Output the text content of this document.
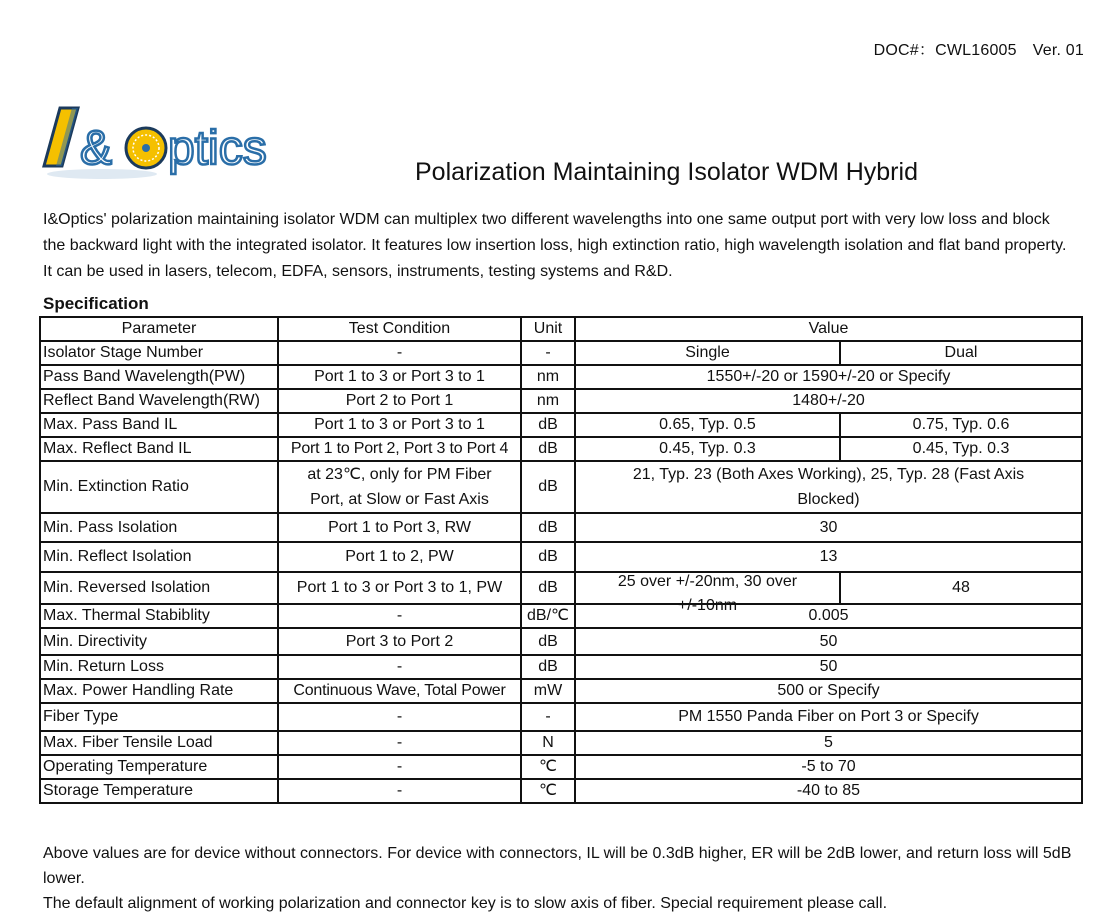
DOC#：CWL16005 Ver. 01
& ptics	Polarization Maintaining Isolator WDM Hybrid
I&Optics' polarization maintaining isolator WDM can multiplex two different wavelengths into one same output port with very low loss and block the backward light with the integrated isolator. It features low insertion loss, high extinction ratio, high wavelength isolation and flat band property. It can be used in lasers, telecom, EDFA, sensors, instruments, testing systems and R&D.
Specification
Parameter	Test Condition	Unit	Value	
Isolator Stage Number	-	-	Single	Dual
Pass Band Wavelength(PW)	Port 1 to 3 or Port 3 to 1	nm	1550+/-20 or 1590+/-20 or Specify	
Reflect Band Wavelength(RW)	Port 2 to Port 1	nm	1480+/-20	
Max. Pass Band IL	Port 1 to 3 or Port 3 to 1	dB	0.65, Typ. 0.5	0.75, Typ. 0.6
Max. Reflect Band IL	Port 1 to Port 2, Port 3 to Port 4	dB	0.45, Typ. 0.3	0.45, Typ. 0.3
Min. Extinction Ratio	at 23℃, only for PM Fiber Port, at Slow or Fast Axis	dB	21, Typ. 23 (Both Axes Working), 25, Typ. 28 (Fast Axis Blocked)	
Min. Pass Isolation	Port 1 to Port 3, RW	dB	30	
Min. Reflect Isolation	Port 1 to 2, PW	dB	13	
Min. Reversed Isolation	Port 1 to 3 or Port 3 to 1, PW	dB	25 over +/-20nm, 30 over +/-10nm	48
Max. Thermal Stabiblity	-	dB/℃	0.005	
Min. Directivity	Port 3 to Port 2	dB	50	
Min. Return Loss	-	dB	50	
Max. Power Handling Rate	Continuous Wave, Total Power	mW	500 or Specify	
Fiber Type	-	-	PM 1550 Panda Fiber on Port 3 or Specify	
Max. Fiber Tensile Load	-	N	5	
Operating Temperature	-	℃	-5 to 70	
Storage Temperature	-	℃	-40 to 85	

Above values are for device without connectors. For device with connectors, IL will be 0.3dB higher, ER will be 2dB lower, and return loss will 5dB lower.

The default alignment of working polarization and connector key is to slow axis of fiber. Special requirement please call.
